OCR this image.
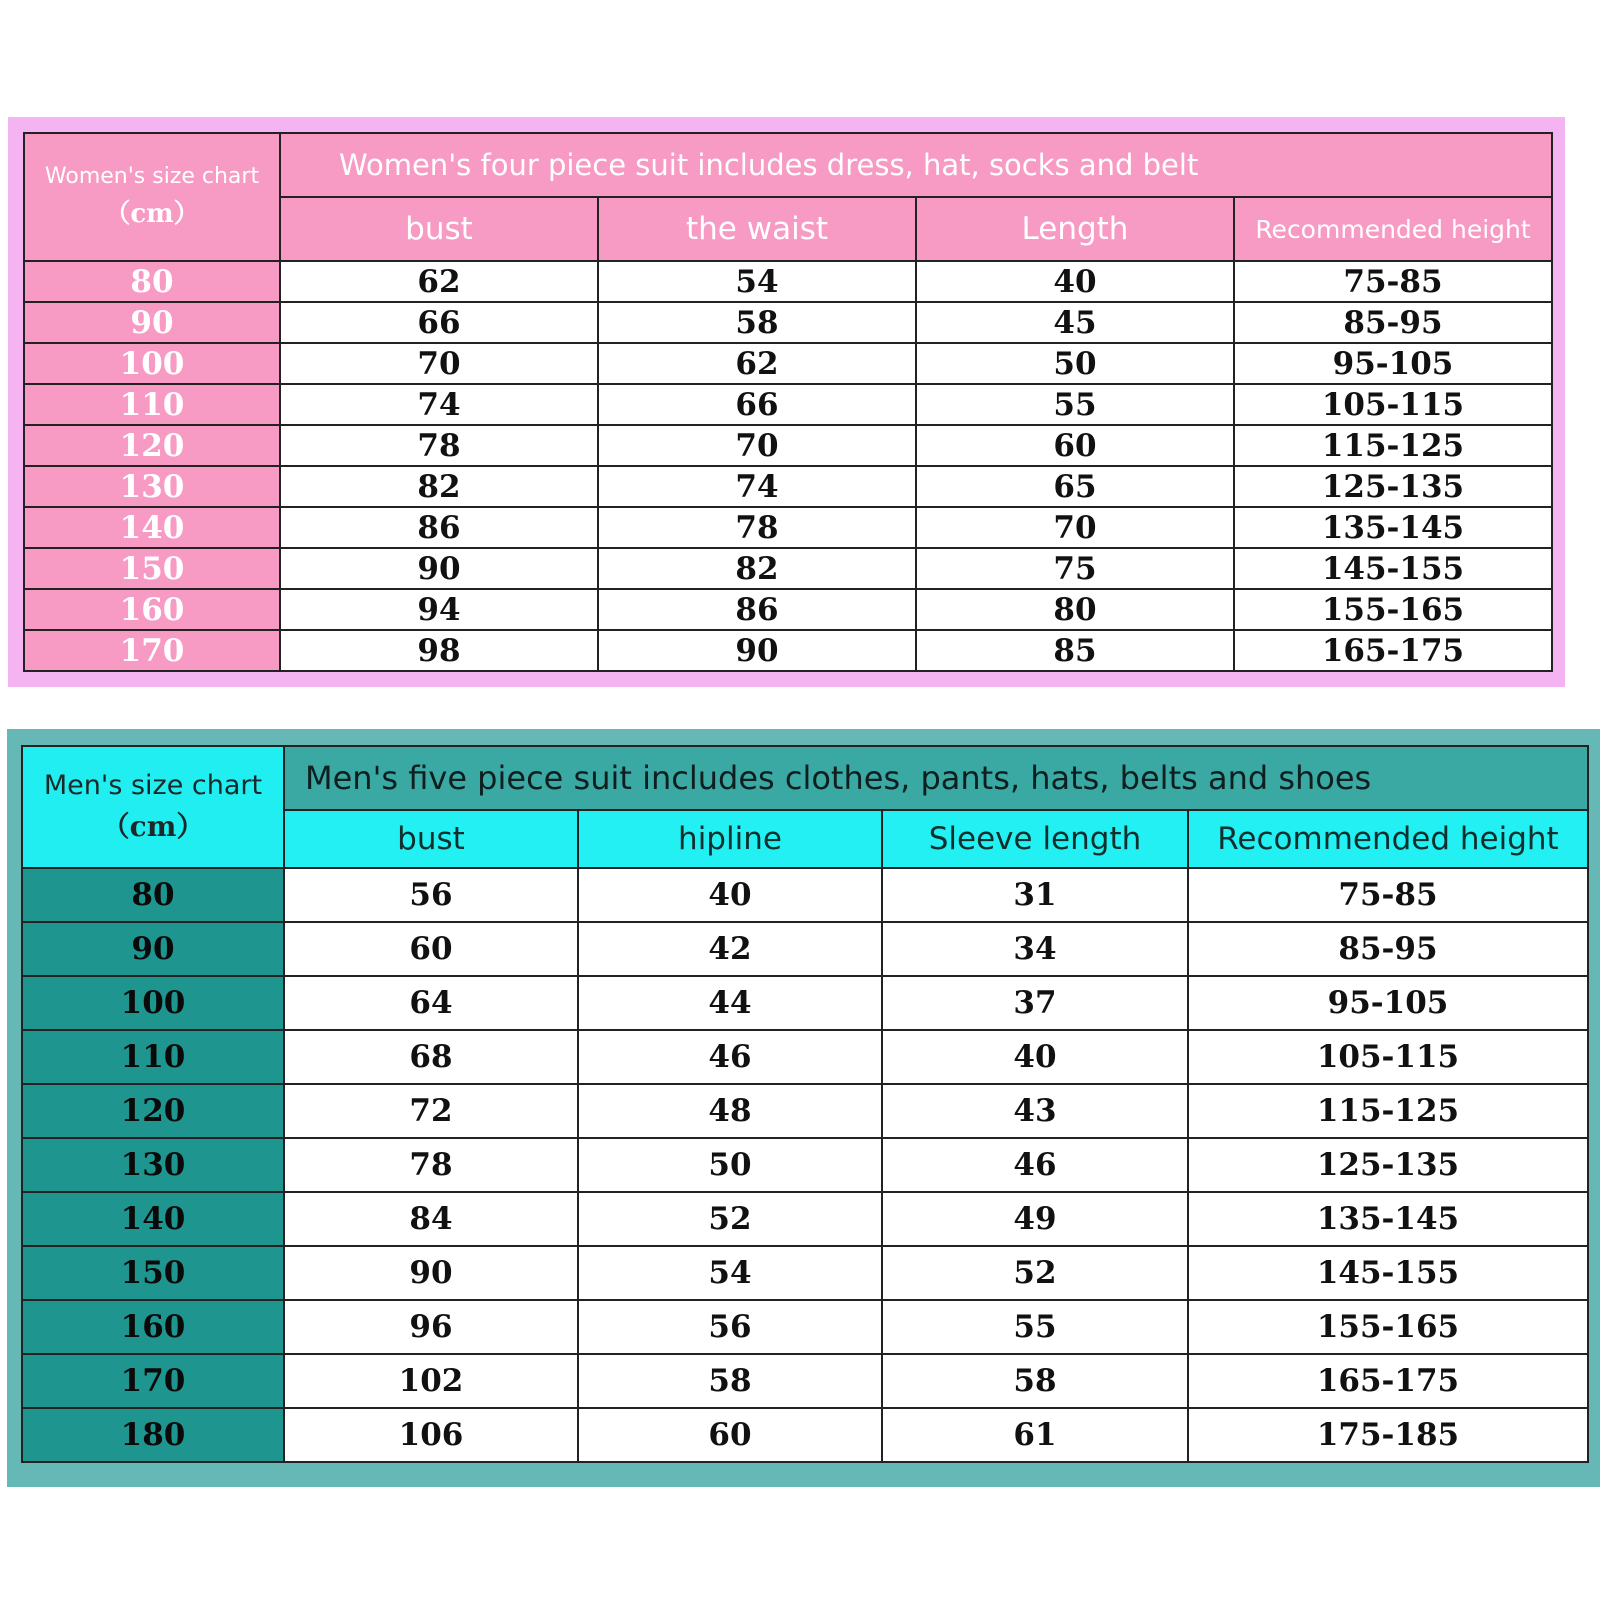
Women's size chart
（cm）	Women's four piece suit includes dress, hat, socks and belt			
	bust	the waist	Length	Recommended height
80	62	54	40	75-85
90	66	58	45	85-95
100	70	62	50	95-105
110	74	66	55	105-115
120	78	70	60	115-125
130	82	74	65	125-135
140	86	78	70	135-145
150	90	82	75	145-155
160	94	86	80	155-165
170	98	90	85	165-175
Men's size chart
（cm）	Men's five piece suit includes clothes, pants, hats, belts and shoes			
	bust	hipline	Sleeve length	Recommended height
80	56	40	31	75-85
90	60	42	34	85-95
100	64	44	37	95-105
110	68	46	40	105-115
120	72	48	43	115-125
130	78	50	46	125-135
140	84	52	49	135-145
150	90	54	52	145-155
160	96	56	55	155-165
170	102	58	58	165-175
180	106	60	61	175-185
